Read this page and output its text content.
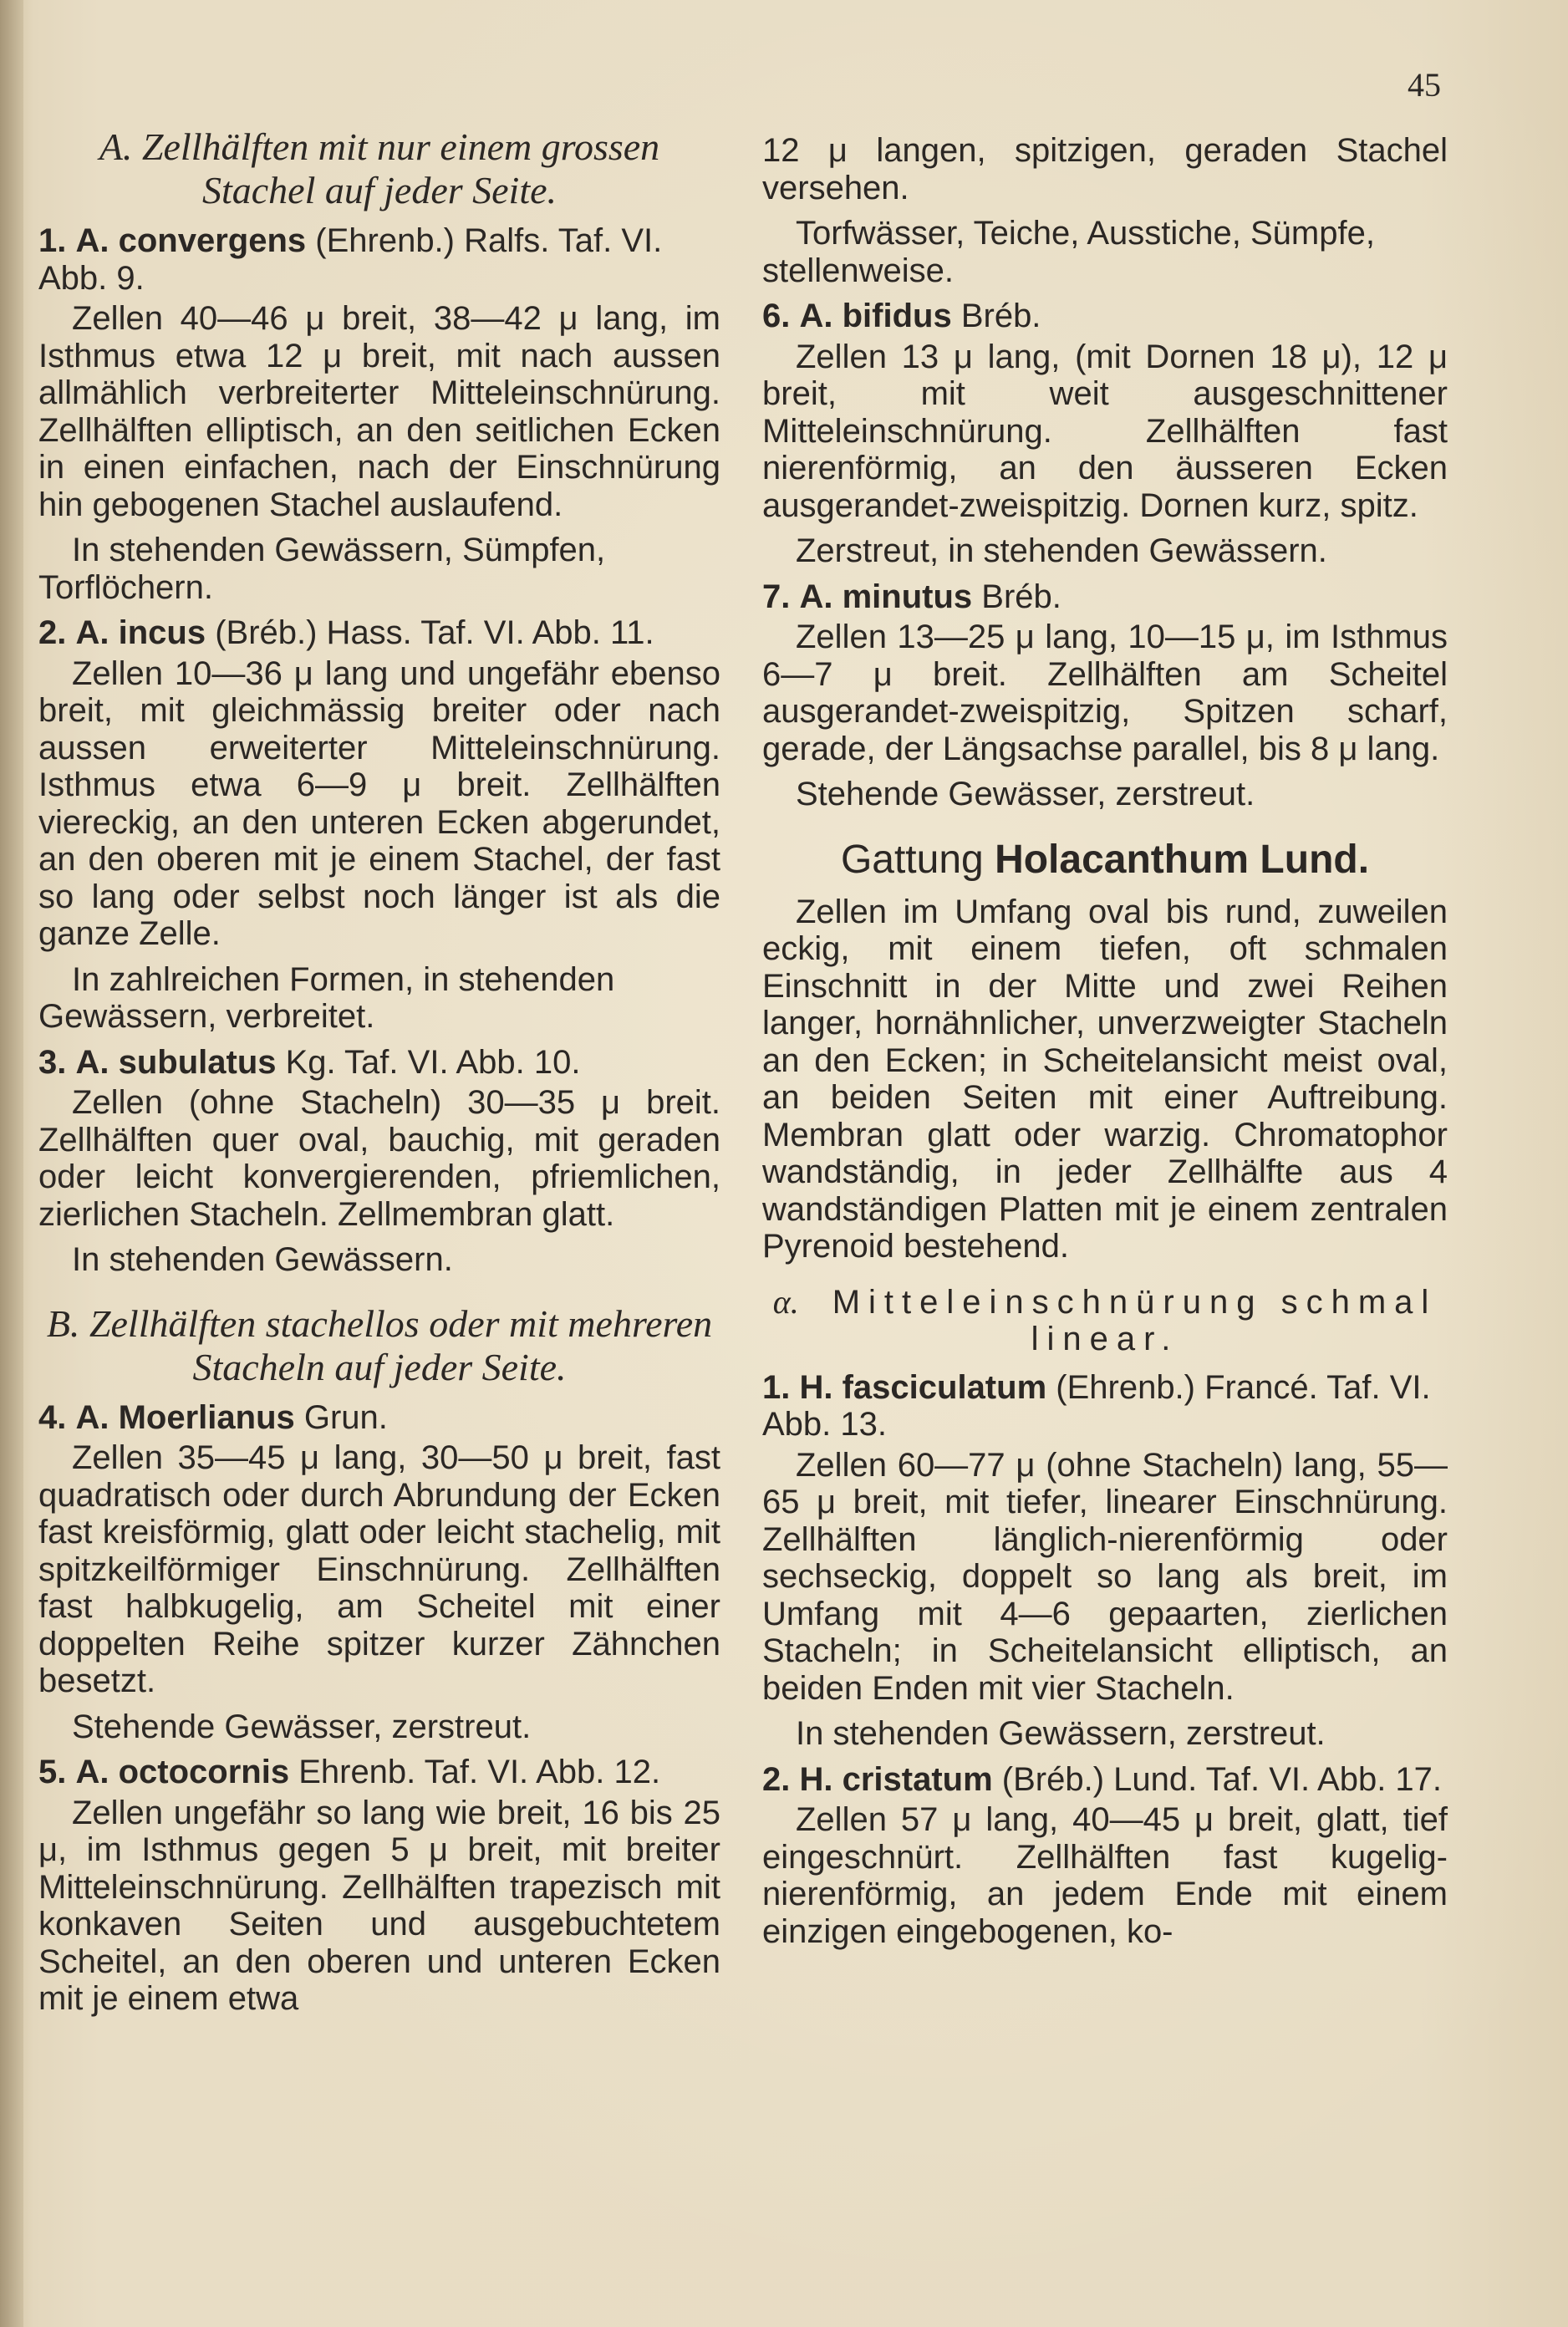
45

A. Zellhälften mit nur einem grossen Stachel auf jeder Seite.

1. A. convergens (Ehrenb.) Ralfs. Taf. VI. Abb. 9.

Zellen 40—46 μ breit, 38—42 μ lang, im Isthmus etwa 12 μ breit, mit nach aussen allmählich verbreiterter Mitteleinschnürung. Zellhälften elliptisch, an den seitlichen Ecken in einen einfachen, nach der Einschnürung hin gebogenen Stachel auslaufend.

In stehenden Gewässern, Sümpfen, Torflöchern.

2. A. incus (Bréb.) Hass. Taf. VI. Abb. 11.

Zellen 10—36 μ lang und ungefähr ebenso breit, mit gleichmässig breiter oder nach aussen erweiterter Mitteleinschnürung. Isthmus etwa 6—9 μ breit. Zellhälften viereckig, an den unteren Ecken abgerundet, an den oberen mit je einem Stachel, der fast so lang oder selbst noch länger ist als die ganze Zelle.

In zahlreichen Formen, in stehenden Gewässern, verbreitet.

3. A. subulatus Kg. Taf. VI. Abb. 10.

Zellen (ohne Stacheln) 30—35 μ breit. Zellhälften quer oval, bauchig, mit geraden oder leicht konvergierenden, pfriemlichen, zierlichen Stacheln. Zellmembran glatt.

In stehenden Gewässern.

B. Zellhälften stachellos oder mit mehreren Stacheln auf jeder Seite.

4. A. Moerlianus Grun.

Zellen 35—45 μ lang, 30—50 μ breit, fast quadratisch oder durch Abrundung der Ecken fast kreisförmig, glatt oder leicht stachelig, mit spitzkeilförmiger Einschnürung. Zellhälften fast halbkugelig, am Scheitel mit einer doppelten Reihe spitzer kurzer Zähnchen besetzt.

Stehende Gewässer, zerstreut.

5. A. octocornis Ehrenb. Taf. VI. Abb. 12.

Zellen ungefähr so lang wie breit, 16 bis 25 μ, im Isthmus gegen 5 μ breit, mit breiter Mitteleinschnürung. Zellhälften trapezisch mit konkaven Seiten und ausgebuchtetem Scheitel, an den oberen und unteren Ecken mit je einem etwa

12 μ langen, spitzigen, geraden Stachel versehen.

Torfwässer, Teiche, Ausstiche, Sümpfe, stellenweise.

6. A. bifidus Bréb.

Zellen 13 μ lang, (mit Dornen 18 μ), 12 μ breit, mit weit ausgeschnittener Mitteleinschnürung. Zellhälften fast nierenförmig, an den äusseren Ecken ausgerandet-zweispitzig. Dornen kurz, spitz.

Zerstreut, in stehenden Gewässern.

7. A. minutus Bréb.

Zellen 13—25 μ lang, 10—15 μ, im Isthmus 6—7 μ breit. Zellhälften am Scheitel ausgerandet-zweispitzig, Spitzen scharf, gerade, der Längsachse parallel, bis 8 μ lang.

Stehende Gewässer, zerstreut.

Gattung Holacanthum Lund.

Zellen im Umfang oval bis rund, zuweilen eckig, mit einem tiefen, oft schmalen Einschnitt in der Mitte und zwei Reihen langer, hornähnlicher, unverzweigter Stacheln an den Ecken; in Scheitelansicht meist oval, an beiden Seiten mit einer Auftreibung. Membran glatt oder warzig. Chromatophor wandständig, in jeder Zellhälfte aus 4 wandständigen Platten mit je einem zentralen Pyrenoid bestehend.

α. Mitteleinschnürung schmal linear.

1. H. fasciculatum (Ehrenb.) Francé. Taf. VI. Abb. 13.

Zellen 60—77 μ (ohne Stacheln) lang, 55—65 μ breit, mit tiefer, linearer Einschnürung. Zellhälften länglich-nierenförmig oder sechseckig, doppelt so lang als breit, im Umfang mit 4—6 gepaarten, zierlichen Stacheln; in Scheitelansicht elliptisch, an beiden Enden mit vier Stacheln.

In stehenden Gewässern, zerstreut.

2. H. cristatum (Bréb.) Lund. Taf. VI. Abb. 17.

Zellen 57 μ lang, 40—45 μ breit, glatt, tief eingeschnürt. Zellhälften fast kugelig-nierenförmig, an jedem Ende mit einem einzigen eingebogenen, ko-
